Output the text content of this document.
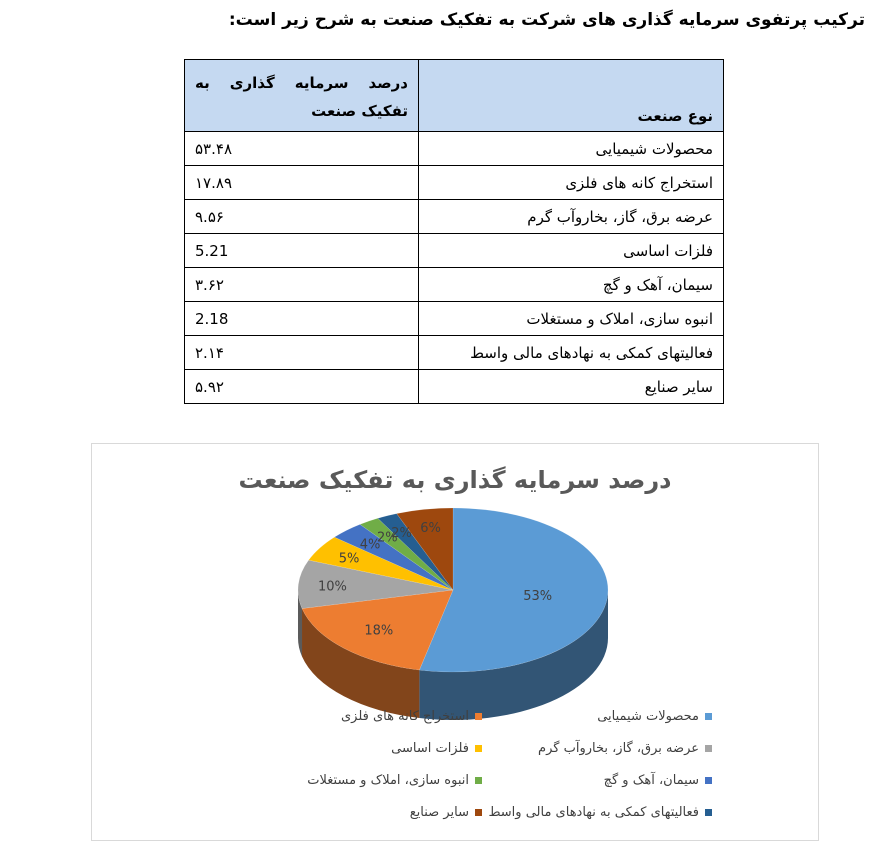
ترکیب پرتفوی سرمایه گذاری های شرکت به تفکیک صنعت به شرح زیر است:
درصد سرمایه گذاری به تفکیک صنعت	نوع صنعت
۵۳.۴۸	محصولات شیمیایی
۱۷.۸۹	استخراج کانه های فلزی
۹.۵۶	عرضه برق، گاز، بخاروآب گرم
5.21	فلزات اساسی
۳.۶۲	سیمان، آهک و گچ
2.18	انبوه سازی، املاک و مستغلات
۲.۱۴	فعالیتهای کمکی به نهادهای مالی واسط
۵.۹۲	سایر صنایع
درصد سرمایه گذاری به تفکیک صنعت
53%
18%
10%
5%
4%
2%
2% 6%
محصولات شیمیایی
استخراج کانه های فلزی
عرضه برق، گاز، بخاروآب گرم
فلزات اساسی
سیمان، آهک و گچ
انبوه سازی، املاک و مستغلات
فعالیتهای کمکی به نهادهای مالی واسط
سایر صنایع
